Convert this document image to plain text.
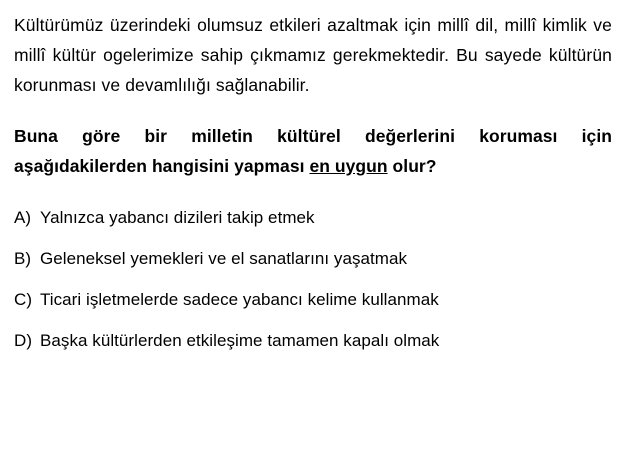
Kültürümüz üzerindeki olumsuz etkileri azaltmak için millî dil, millî kimlik ve millî kültür ogelerimize sahip çıkmamız gerekmektedir. Bu sayede kültürün korunması ve devamlılığı sağlanabilir.

Buna göre bir milletin kültürel değerlerini koruması için aşağıdakilerden hangisini yapması en uygun olur?
A) Yalnızca yabancı dizileri takip etmek
B) Geleneksel yemekleri ve el sanatlarını yaşatmak
C) Ticari işletmelerde sadece yabancı kelime kullanmak
D) Başka kültürlerden etkileşime tamamen kapalı olmak
